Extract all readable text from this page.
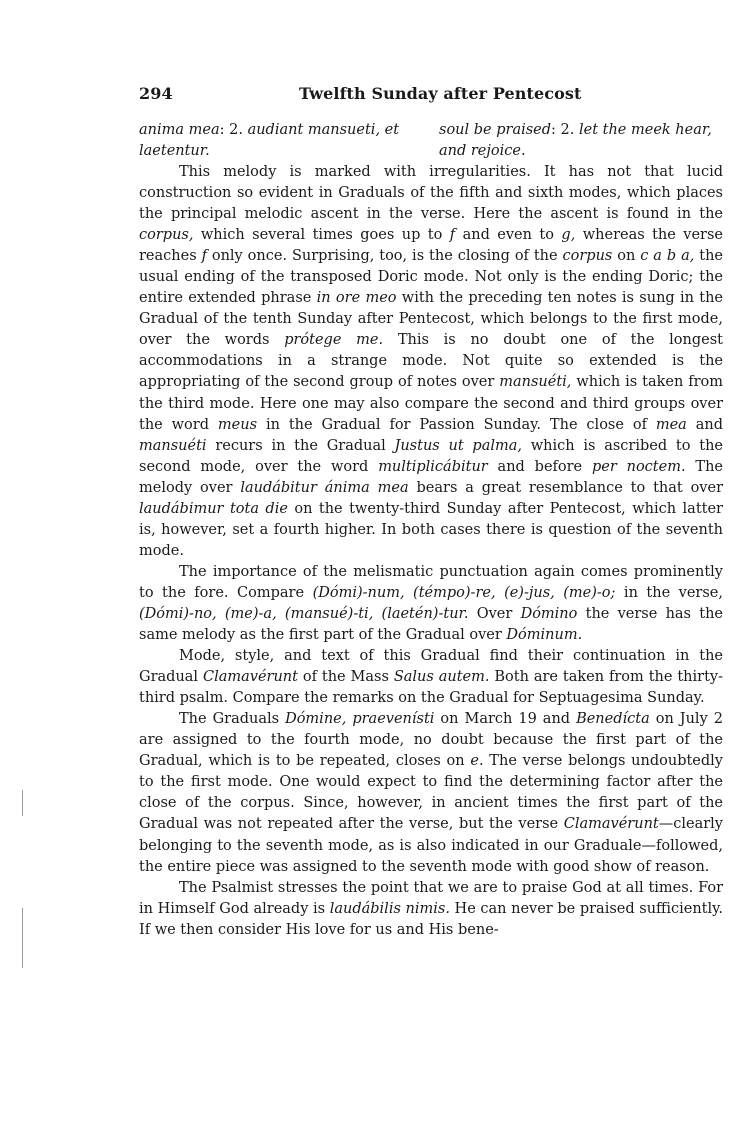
294	Twelfth Sunday after Pentecost
anima mea: 2. audiant mansueti, et
laetentur.
soul be praised: 2. let the meek hear,
and rejoice.

This melody is marked with irregularities. It has not that lucid construction so evident in Graduals of the fifth and sixth modes, which places the principal melodic ascent in the verse. Here the ascent is found in the corpus, which several times goes up to f and even to g, whereas the verse reaches f only once. Surprising, too, is the closing of the corpus on c a b a, the usual ending of the transposed Doric mode. Not only is the ending Doric; the entire extended phrase in ore meo with the preceding ten notes is sung in the Gradual of the tenth Sunday after Pentecost, which belongs to the first mode, over the words prótege me. This is no doubt one of the longest accommodations in a strange mode. Not quite so extended is the appropriating of the second group of notes over mansuéti, which is taken from the third mode. Here one may also compare the second and third groups over the word meus in the Gradual for Passion Sunday. The close of mea and mansuéti recurs in the Gradual Justus ut palma, which is ascribed to the second mode, over the word multiplicábitur and before per noctem. The melody over laudábitur ánima mea bears a great resemblance to that over laudábimur tota die on the twenty-third Sunday after Pentecost, which latter is, however, set a fourth higher. In both cases there is question of the seventh mode.

The importance of the melismatic punctuation again comes prominently to the fore. Compare (Dómi)-num, (témpo)-re, (e)-jus, (me)-o; in the verse, (Dómi)-no, (me)-a, (mansué)-ti, (laetén)-tur. Over Dómino the verse has the same melody as the first part of the Gradual over Dóminum.

Mode, style, and text of this Gradual find their continuation in the Gradual Clamavérunt of the Mass Salus autem. Both are taken from the thirty-third psalm. Compare the remarks on the Gradual for Septuagesima Sunday.

The Graduals Dómine, praevenísti on March 19 and Benedícta on July 2 are assigned to the fourth mode, no doubt because the first part of the Gradual, which is to be repeated, closes on e. The verse belongs undoubtedly to the first mode. One would expect to find the determining factor after the close of the corpus. Since, however, in ancient times the first part of the Gradual was not repeated after the verse, but the verse Clamavérunt—clearly belonging to the seventh mode, as is also indicated in our Graduale—followed, the entire piece was assigned to the seventh mode with good show of reason.

The Psalmist stresses the point that we are to praise God at all times. For in Himself God already is laudábilis nimis. He can never be praised sufficiently. If we then consider His love for us and His bene-
